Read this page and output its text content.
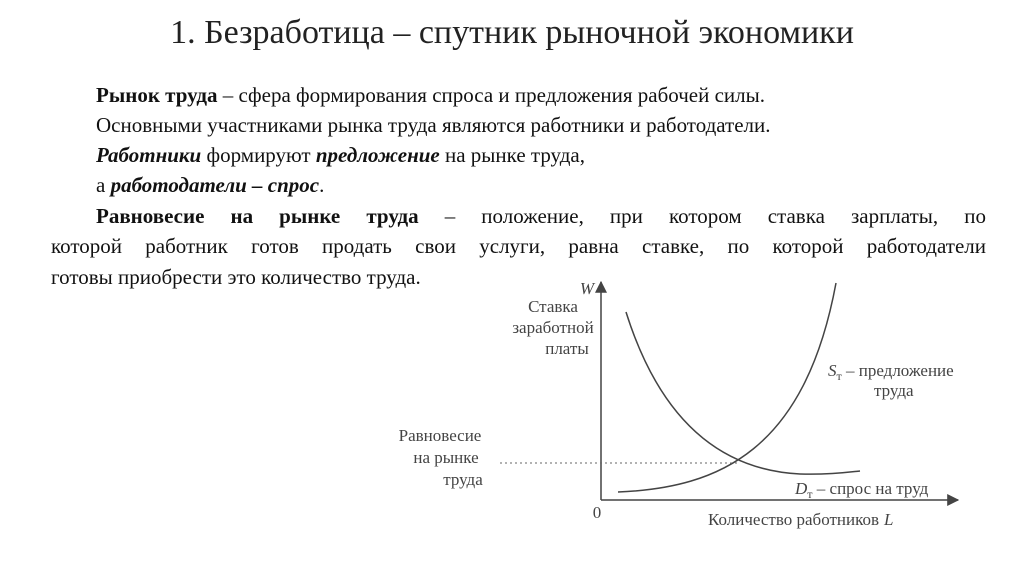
1. Безработица – спутник рыночной экономики
Рынок труда – сфера формирования спроса и предложения рабочей силы.
Основными участниками рынка труда являются работники и работодатели.
Работники формируют предложение на рынке труда,
а работодатели – спрос.
Равновесие на рынке труда – положение, при котором ставка зарплаты, по
которой работник готов продать свои услуги, равна ставке, по которой работодатели
готовы приобрести это количество труда.	W
Ставка
заработной
платы
0	Количество работников L
$S_т$ – предложение
труда
$D_т$ – спрос на труд
Равновесие
на рынке
труда
